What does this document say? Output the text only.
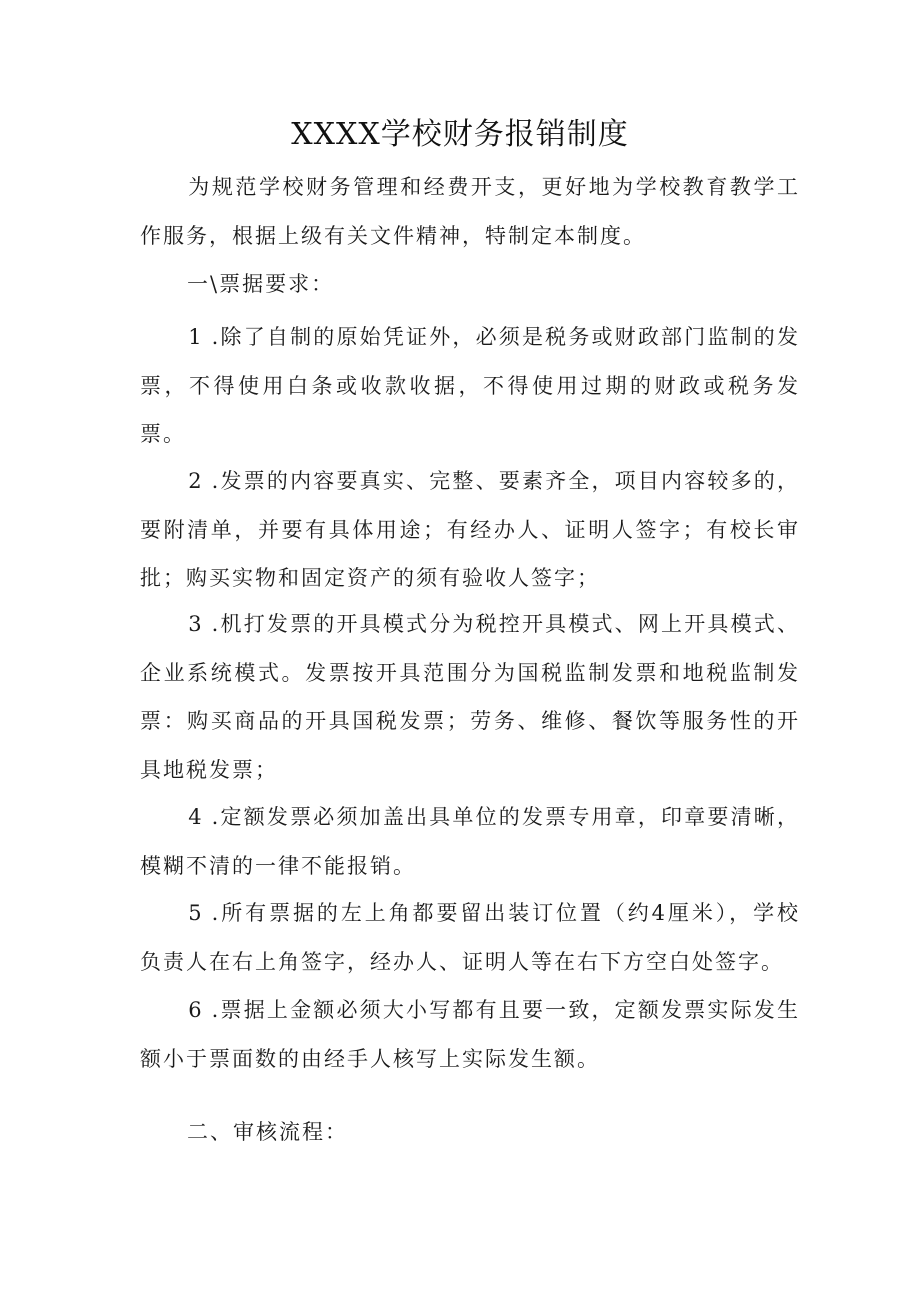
XXXX学校财务报销制度

为规范学校财务管理和经费开支，更好地为学校教育教学工作服务，根据上级有关文件精神，特制定本制度。

一\票据要求：

1 .除了自制的原始凭证外，必须是税务或财政部门监制的发票，不得使用白条或收款收据，不得使用过期的财政或税务发票。

2 .发票的内容要真实、完整、要素齐全，项目内容较多的，要附清单，并要有具体用途；有经办人、证明人签字；有校长审批；购买实物和固定资产的须有验收人签字；

3 .机打发票的开具模式分为税控开具模式、网上开具模式、企业系统模式。发票按开具范围分为国税监制发票和地税监制发票：购买商品的开具国税发票；劳务、维修、餐饮等服务性的开具地税发票；

4 .定额发票必须加盖出具单位的发票专用章，印章要清晰，模糊不清的一律不能报销。

5 .所有票据的左上角都要留出装订位置（约4厘米），学校负责人在右上角签字，经办人、证明人等在右下方空白处签字。

6 .票据上金额必须大小写都有且要一致，定额发票实际发生额小于票面数的由经手人核写上实际发生额。

二、审核流程：
